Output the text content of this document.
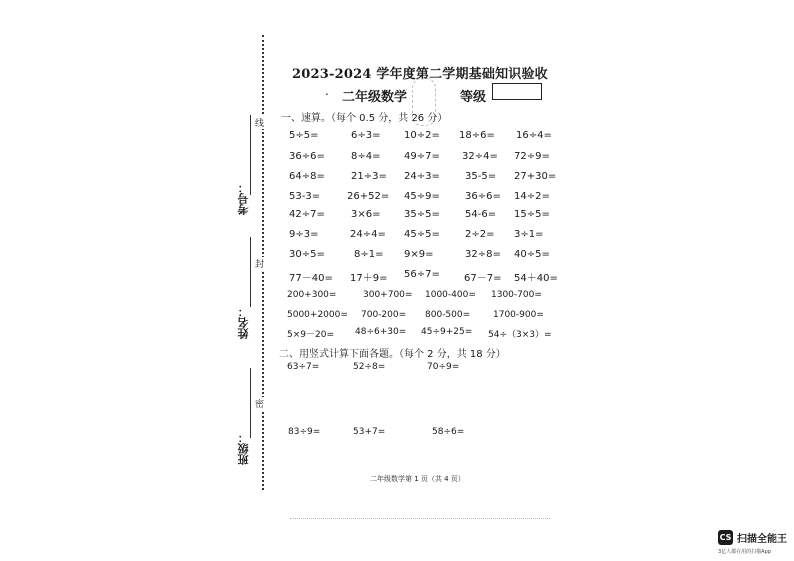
线
封
密
考号：
姓名：
班级：
2023-2024 学年度第二学期基础知识验收
. 二年级数学	等级
一、速算。（每个 0.5 分，共 26 分）
5÷5=	6÷3= 10÷2= 18÷6= 16÷4=
36÷6=	8÷4= 49÷7= 32÷4= 72÷9=
64÷8=	21÷3= 24÷3=	35-5= 27+30=
53-3=	26+52= 45÷9=	36÷6= 14÷2=
42÷7=	3×6= 35÷5=	54-6= 15÷5=
9÷3=	24÷4= 45÷5=	2÷2= 3÷1=
30÷5=	8÷1= 9×9=	32÷8= 40÷5=
77－40= 17＋9= 56÷7= 67－7= 54＋40=
200+300=	300+700= 1000-400= 1300-700=
5000+2000= 700-200= 800-500=	1700-900=
5×9－20= 48÷6+30= 45÷9+25= 54÷（3×3）=
二、用竖式计算下面各题。（每个 2 分，共 18 分）
63÷7=	52÷8=	70÷9=
83÷9=	53+7=	58÷6=
二年级数学第 1 页（共 4 页）
CS 扫描全能王
3亿人都在用的扫描App
